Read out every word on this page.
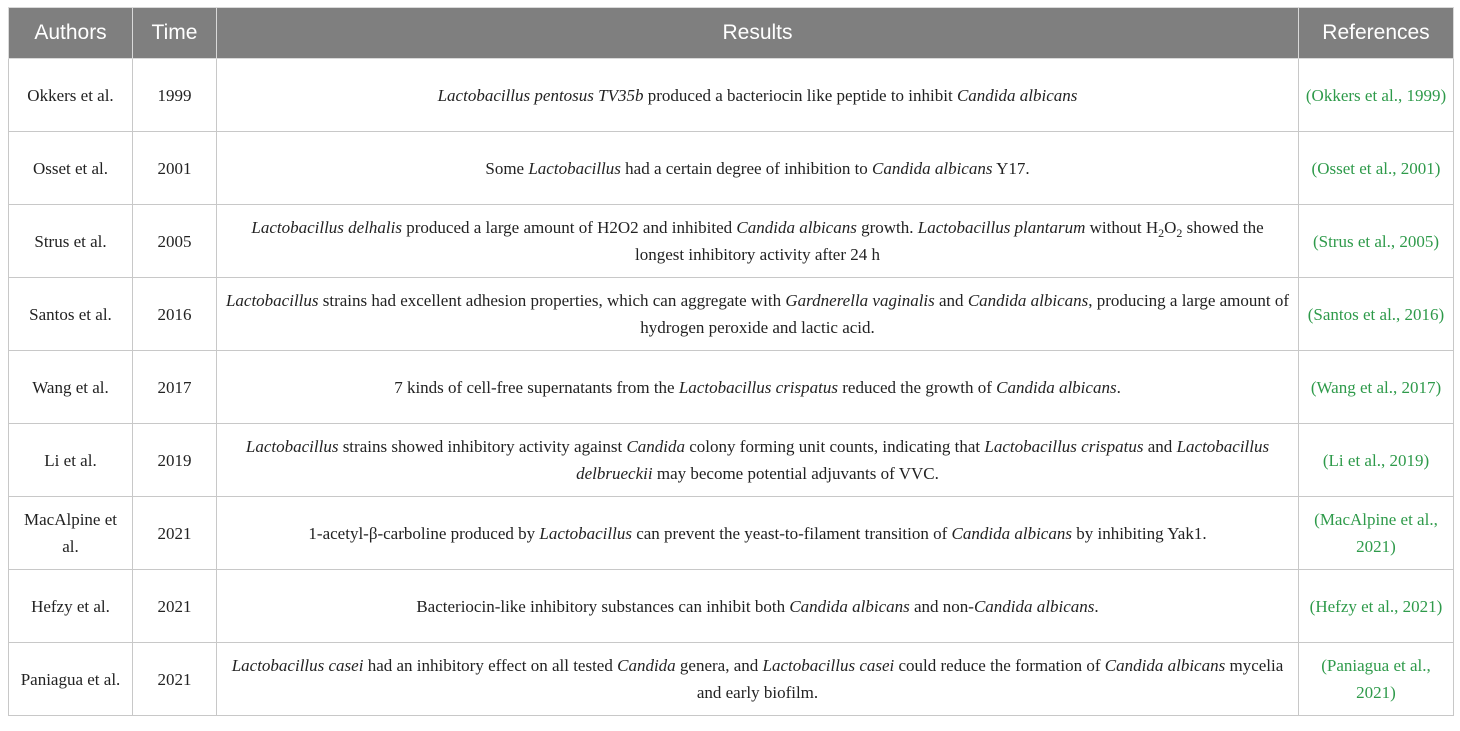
Authors	Time	Results	References
Okkers et al.	1999	Lactobacillus pentosus TV35b produced a bacteriocin like peptide to inhibit Candida albicans	(Okkers et al., 1999)
Osset et al.	2001	Some Lactobacillus had a certain degree of inhibition to Candida albicans Y17.	(Osset et al., 2001)
Strus et al.	2005	Lactobacillus delhalis produced a large amount of H2O2 and inhibited Candida albicans growth. Lactobacillus plantarum without $H_2O_2$ showed the longest inhibitory activity after 24 h	(Strus et al., 2005)
Santos et al.	2016	Lactobacillus strains had excellent adhesion properties, which can aggregate with Gardnerella vaginalis and Candida albicans, producing a large amount of hydrogen peroxide and lactic acid.	(Santos et al., 2016)
Wang et al.	2017	7 kinds of cell-free supernatants from the Lactobacillus crispatus reduced the growth of Candida albicans.	(Wang et al., 2017)
Li et al.	2019	Lactobacillus strains showed inhibitory activity against Candida colony forming unit counts, indicating that Lactobacillus crispatus and Lactobacillus delbrueckii may become potential adjuvants of VVC.	(Li et al., 2019)
MacAlpine et al.	2021	1-acetyl-β-carboline produced by Lactobacillus can prevent the yeast-to-filament transition of Candida albicans by inhibiting Yak1.	(MacAlpine et al., 2021)
Hefzy et al.	2021	Bacteriocin-like inhibitory substances can inhibit both Candida albicans and non-Candida albicans.	(Hefzy et al., 2021)
Paniagua et al.	2021	Lactobacillus casei had an inhibitory effect on all tested Candida genera, and Lactobacillus casei could reduce the formation of Candida albicans mycelia and early biofilm.	(Paniagua et al., 2021)
